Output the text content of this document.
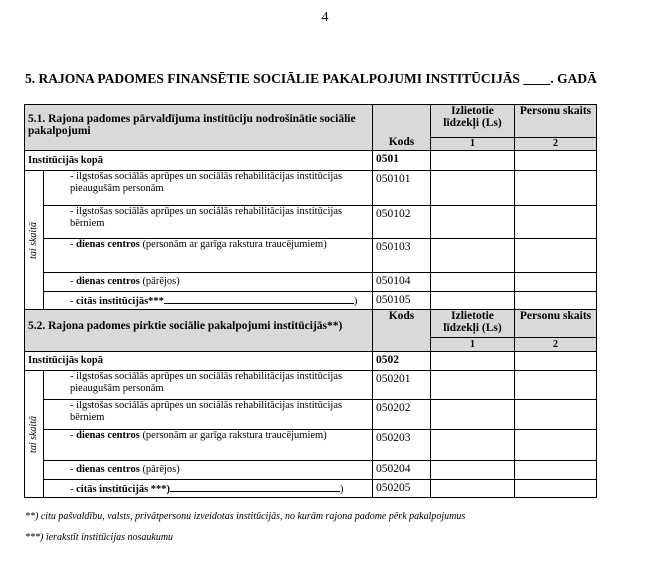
4
5. RAJONA PADOMES FINANSĒTIE SOCIĀLIE PAKALPOJUMI INSTITŪCIJĀS ____. GADĀ
5.1. Rajona padomes pārvaldījuma institūciju nodrošinātie sociālie pakalpojumi		Kods	Izlietotie līdzekļi (Ls)	Personu skaits
			1	2
Institūcijās kopā		0501		

tai skaitā	- ilgstošas sociālās aprūpes un sociālās rehabilitācijas institūcijas pieaugušām personām	050101		
	- ilgstošas sociālās aprūpes un sociālās rehabilitācijas institūcijas bērniem	050102		
	- dienas centros (personām ar garīga rakstura traucējumiem)	050103		
	- dienas centros (pārējos)	050104		
	- citās institūcijās*** )	050105		
5.2. Rajona padomes pirktie sociālie pakalpojumi institūcijās**)		Kods	Izlietotie līdzekļi (Ls)	Personu skaits
			1	2
Institūcijās kopā		0502		

tai skaitā	- ilgstošas sociālās aprūpes un sociālās rehabilitācijas institūcijas pieaugušām personām	050201		
	- ilgstošas sociālās aprūpes un sociālās rehabilitācijas institūcijas bērniem	050202		
	- dienas centros (personām ar garīga rakstura traucējumiem)	050203		
	- dienas centros (pārējos)	050204		
	- citās institūcijās ***) )	050205		
**) citu pašvaldību, valsts, privātpersonu izveidotas institūcijās, no kurām rajona padome pērk pakalpojumus
***) ierakstīt institūcijas nosaukumu
